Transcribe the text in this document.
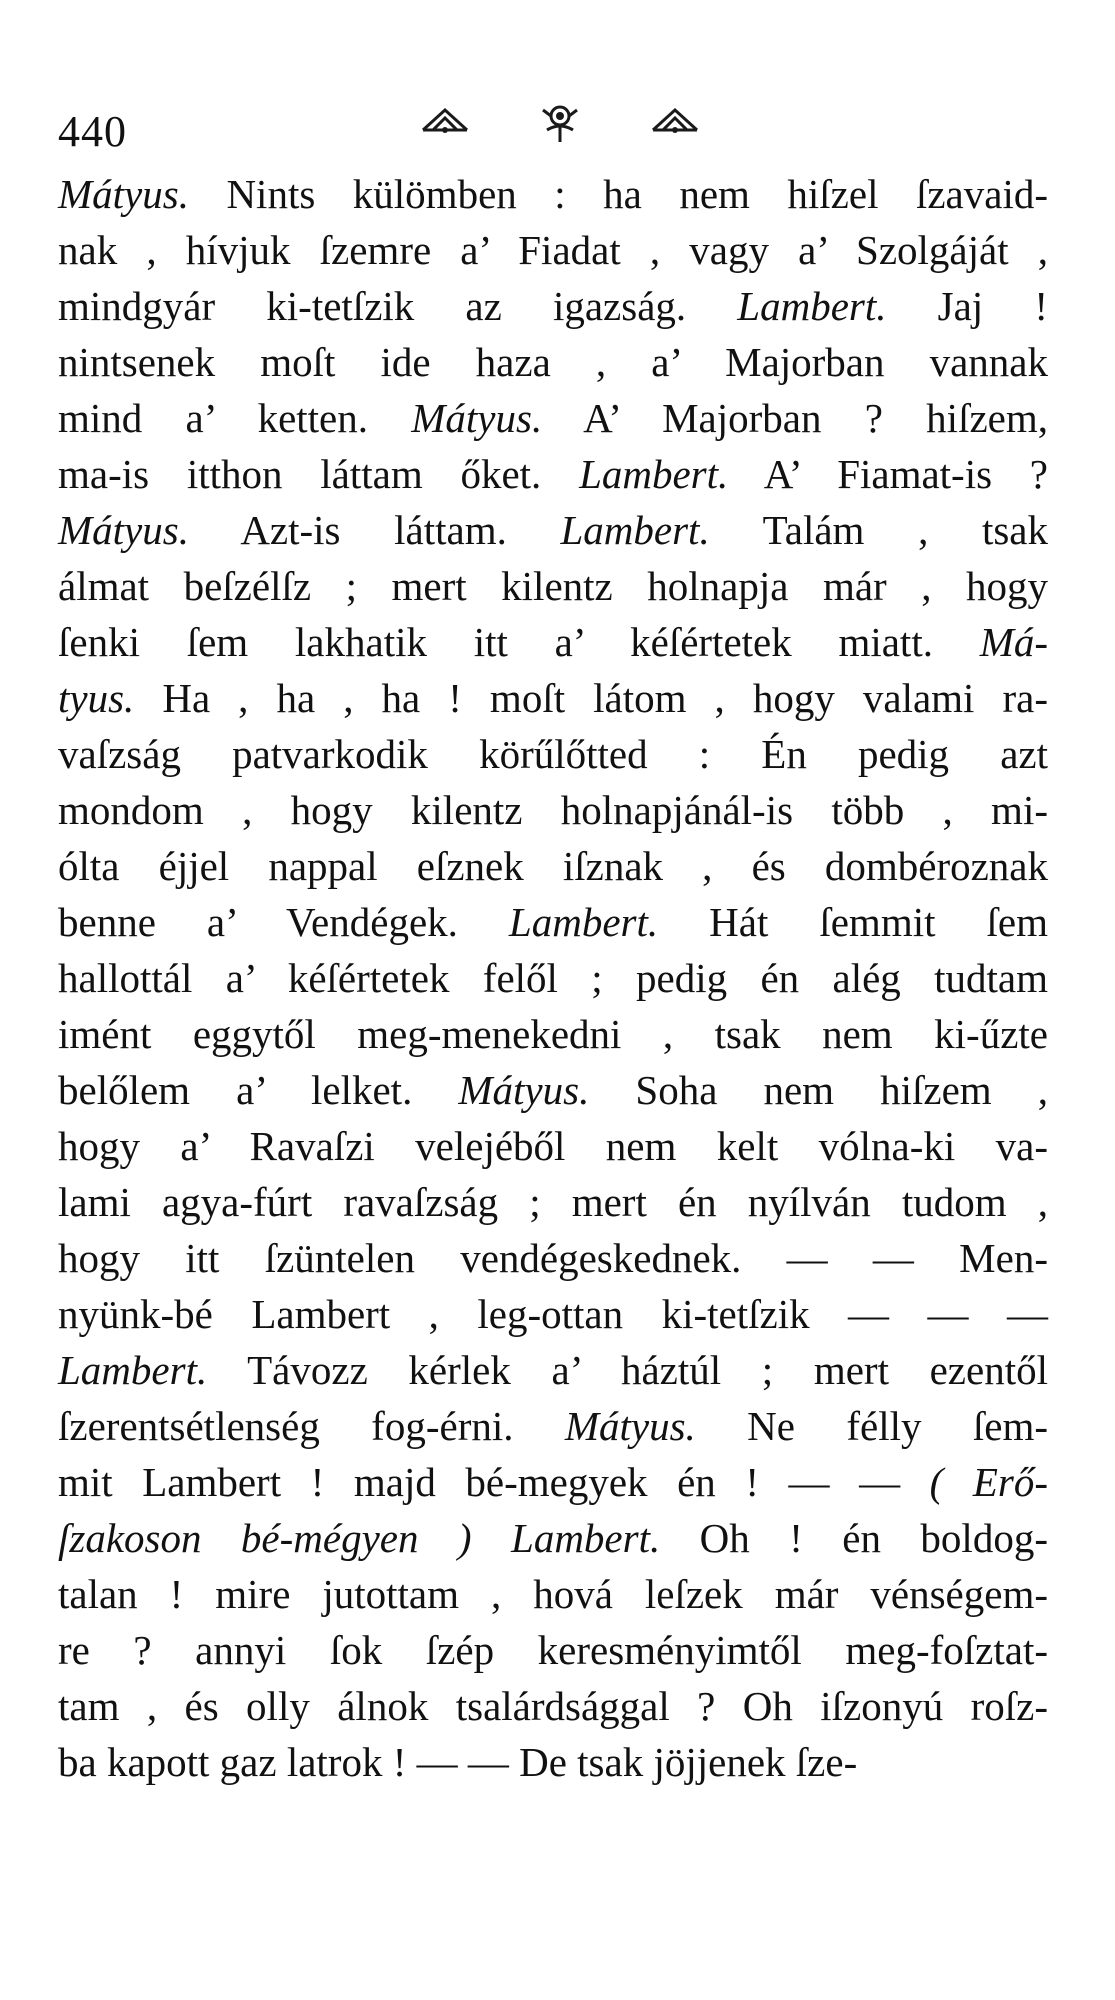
440
Mátyus. Nints külömben : ha nem hiſzel ſzavaid-
nak , hívjuk ſzemre a’ Fiadat , vagy a’ Szolgáját ,
mindgyár ki-tetſzik az igazság. Lambert. Jaj !
nintsenek moſt ide haza , a’ Majorban vannak
mind a’ ketten. Mátyus. A’ Majorban ? hiſzem,
ma-is itthon láttam őket. Lambert. A’ Fiamat-is ?
Mátyus. Azt-is láttam. Lambert. Talám , tsak
álmat beſzélſz ; mert kilentz holnapja már , hogy
ſenki ſem lakhatik itt a’ kéſértetek miatt. Má-
tyus. Ha , ha , ha ! moſt látom , hogy valami ra-
vaſzság patvarkodik körűlőtted : Én pedig azt
mondom , hogy kilentz holnapjánál-is több , mi-
ólta éjjel nappal eſznek iſznak , és dombéroznak
benne a’ Vendégek. Lambert. Hát ſemmit ſem
hallottál a’ kéſértetek felől ; pedig én alég tudtam
imént eggytől meg-menekedni , tsak nem ki-űzte
belőlem a’ lelket. Mátyus. Soha nem hiſzem ,
hogy a’ Ravaſzi velejéből nem kelt vólna-ki va-
lami agya-fúrt ravaſzság ; mert én nyílván tudom ,
hogy itt ſzüntelen vendégeskednek. — — Men-
nyünk-bé Lambert , leg-ottan ki-tetſzik — — —
Lambert. Távozz kérlek a’ háztúl ; mert ezentől
ſzerentsétlenség fog-érni. Mátyus. Ne félly ſem-
mit Lambert ! majd bé-megyek én ! — — ( Erő-
ſzakoson bé-mégyen ) Lambert. Oh ! én boldog-
talan ! mire jutottam , hová leſzek már vénségem-
re ? annyi ſok ſzép keresményimtől meg-foſztat-
tam , és olly álnok tsalárdsággal ? Oh iſzonyú roſz-
ba kapott gaz latrok ! — — De tsak jöjjenek ſze-
